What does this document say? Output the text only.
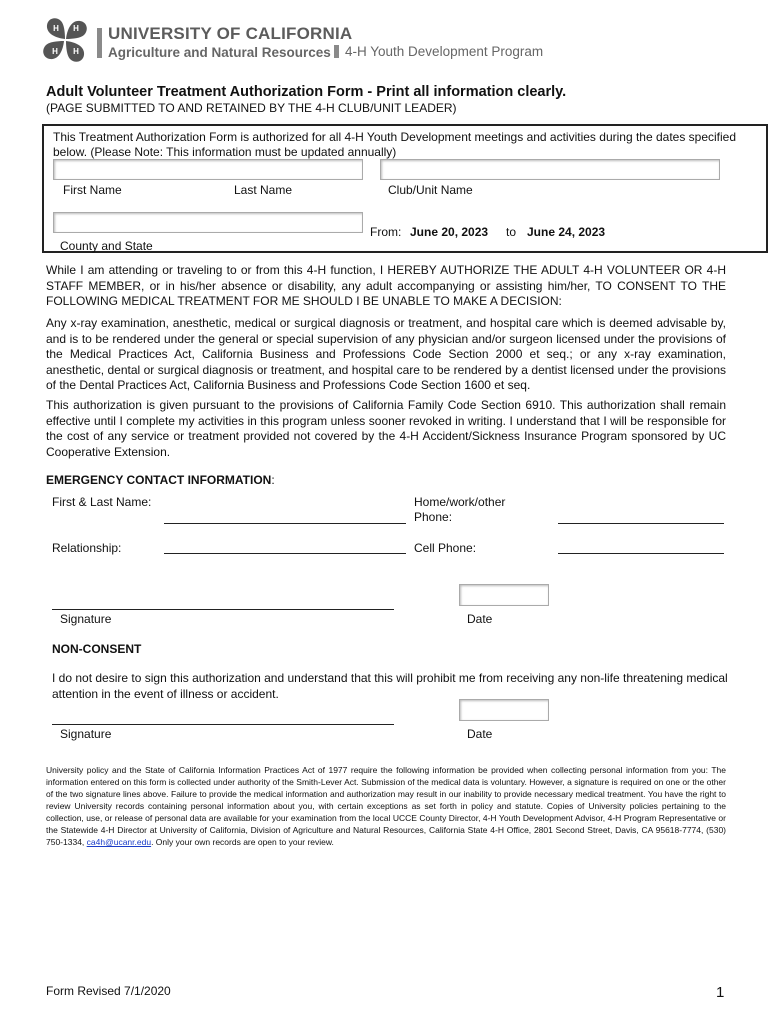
H H
H
H
UNIVERSITY OF CALIFORNIA
Agriculture and Natural Resources 4-H Youth Development Program
Adult Volunteer Treatment Authorization Form - Print all information clearly.
(PAGE SUBMITTED TO AND RETAINED BY THE 4-H CLUB/UNIT LEADER)
This Treatment Authorization Form is authorized for all 4-H Youth Development meetings and activities during the dates specified below. (Please Note: This information must be updated annually)
First Name	Last Name	Club/Unit Name
County and State
From: June 20, 2023 to June 24, 2023
While I am attending or traveling to or from this 4-H function, I HEREBY AUTHORIZE THE ADULT 4-H VOLUNTEER OR 4-H STAFF MEMBER, or in his/her absence or disability, any adult accompanying or assisting him/her, TO CONSENT TO THE FOLLOWING MEDICAL TREATMENT FOR ME SHOULD I BE UNABLE TO MAKE A DECISION:
Any x-ray examination, anesthetic, medical or surgical diagnosis or treatment, and hospital care which is deemed advisable by, and is to be rendered under the general or special supervision of any physician and/or surgeon licensed under the provisions of the Medical Practices Act, California Business and Professions Code Section 2000 et seq.; or any x-ray examination, anesthetic, dental or surgical diagnosis or treatment, and hospital care to be rendered by a dentist licensed under the provisions of the Dental Practices Act, California Business and Professions Code Section 1600 et seq.
This authorization is given pursuant to the provisions of California Family Code Section 6910. This authorization shall remain effective until I complete my activities in this program unless sooner revoked in writing. I understand that I will be responsible for the cost of any service or treatment provided not covered by the 4-H Accident/Sickness Insurance Program sponsored by UC Cooperative Extension.
EMERGENCY CONTACT INFORMATION:
First & Last Name:	Home/work/other Phone:
Relationship:	Cell Phone:
Signature	Date
NON-CONSENT
I do not desire to sign this authorization and understand that this will prohibit me from receiving any non-life threatening medical attention in the event of illness or accident.
Signature	Date
University policy and the State of California Information Practices Act of 1977 require the following information be provided when collecting personal information from you: The information entered on this form is collected under authority of the Smith-Lever Act. Submission of the medical data is voluntary. However, a signature is required on one or the other of the two signature lines above. Failure to provide the medical information and authorization may result in our inability to provide necessary medical treatment. You have the right to review University records containing personal information about you, with certain exceptions as set forth in policy and statute. Copies of University policies pertaining to the collection, use, or release of personal data are available for your examination from the local UCCE County Director, 4-H Youth Development Advisor, 4-H Program Representative or the Statewide 4-H Director at University of California, Division of Agriculture and Natural Resources, California State 4-H Office, 2801 Second Street, Davis, CA 95618-7774, (530) 750-1334, ca4h@ucanr.edu. Only your own records are open to your review.
Form Revised 7/1/2020	1
